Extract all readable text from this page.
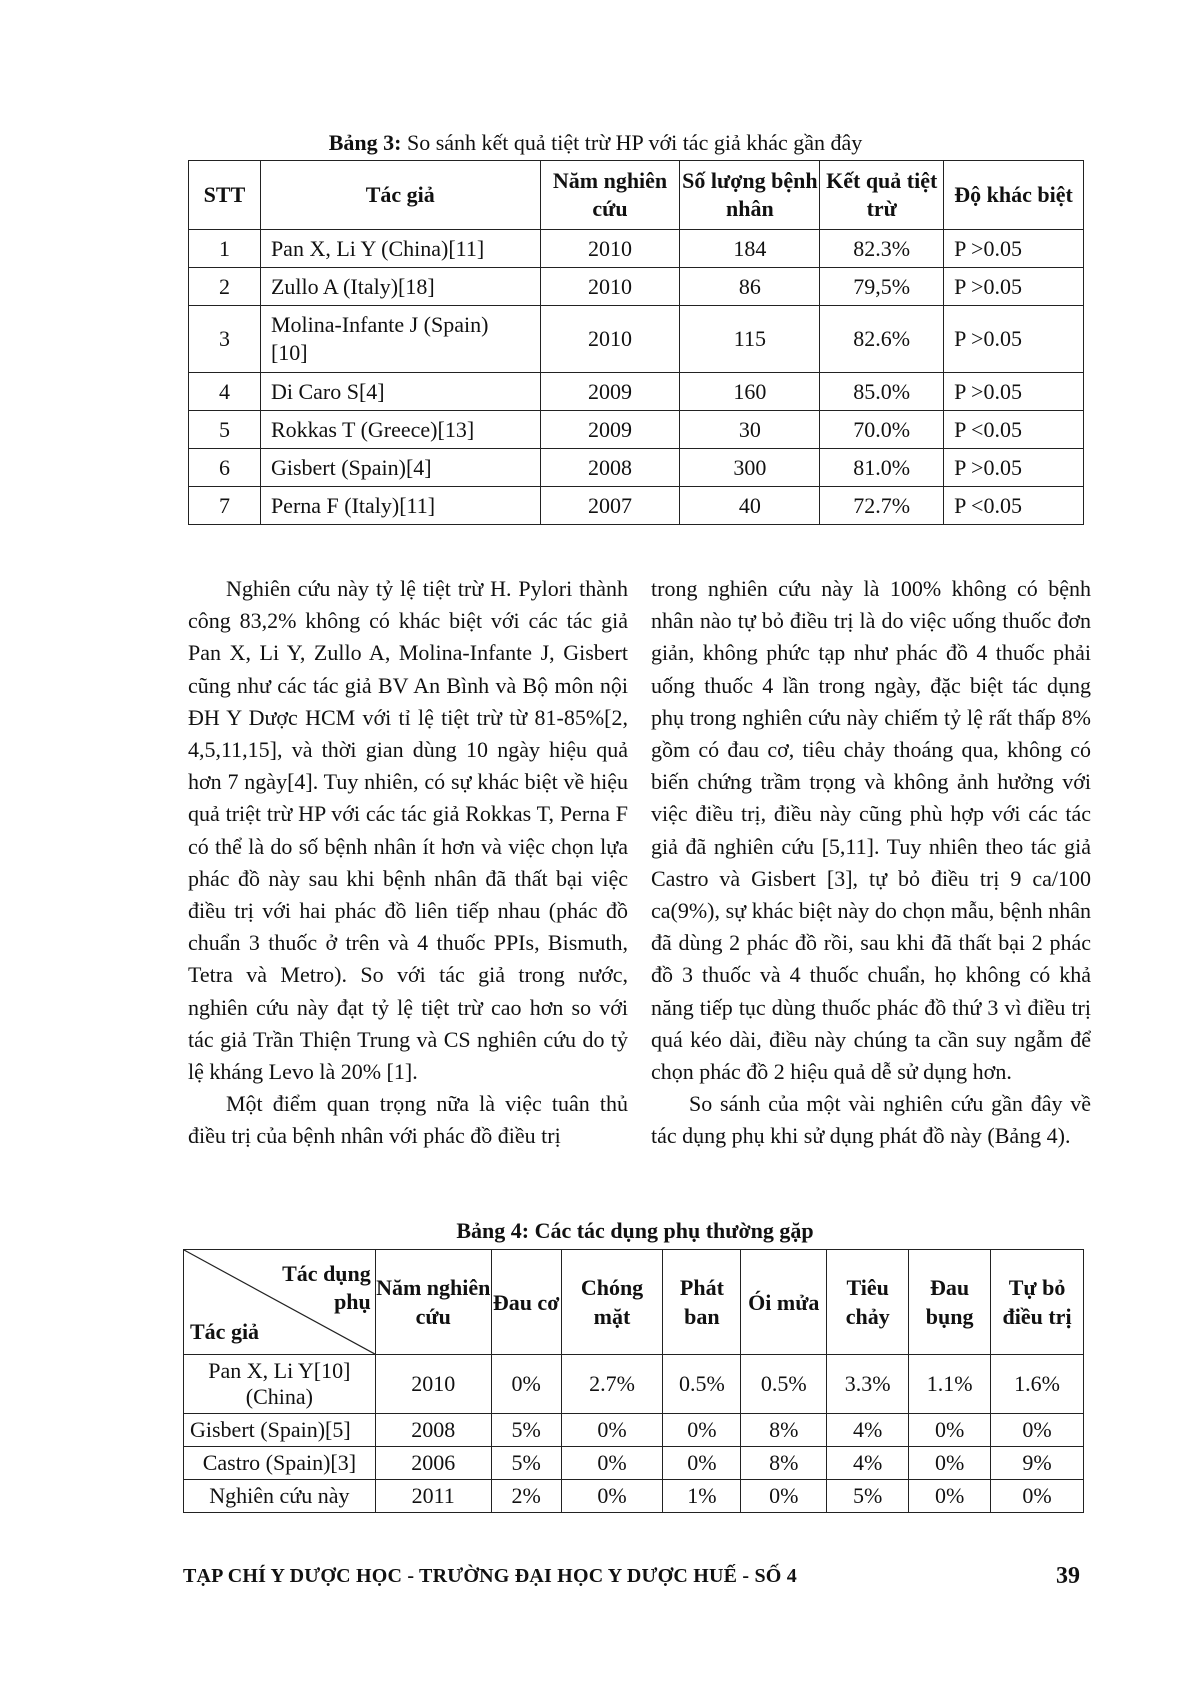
Bảng 3: So sánh kết quả tiệt trừ HP với tác giả khác gần đây
STT	Tác giả	Năm nghiên cứu	Số lượng bệnh nhân	Kết quả tiệt trừ	Độ khác biệt
1	Pan X, Li Y (China)[11]	2010	184	82.3%	P >0.05
2	Zullo A (Italy)[18]	2010	86	79,5%	P >0.05
3	Molina-Infante J (Spain) [10]	2010	115	82.6%	P >0.05
4	Di Caro S[4]	2009	160	85.0%	P >0.05
5	Rokkas T (Greece)[13]	2009	30	70.0%	P <0.05
6	Gisbert (Spain)[4]	2008	300	81.0%	P >0.05
7	Perna F (Italy)[11]	2007	40	72.7%	P <0.05

Nghiên cứu này tỷ lệ tiệt trừ H. Pylori thành công 83,2% không có khác biệt với các tác giả Pan X, Li Y, Zullo A, Molina-Infante J, Gisbert cũng như các tác giả BV An Bình và Bộ môn nội ĐH Y Dược HCM với tỉ lệ tiệt trừ từ 81-85%[2, 4,5,11,15], và thời gian dùng 10 ngày hiệu quả hơn 7 ngày[4]. Tuy nhiên, có sự khác biệt về hiệu quả triệt trừ HP với các tác giả Rokkas T, Perna F có thể là do số bệnh nhân ít hơn và việc chọn lựa phác đồ này sau khi bệnh nhân đã thất bại việc điều trị với hai phác đồ liên tiếp nhau (phác đồ chuẩn 3 thuốc ở trên và 4 thuốc PPIs, Bismuth, Tetra và Metro). So với tác giả trong nước, nghiên cứu này đạt tỷ lệ tiệt trừ cao hơn so với tác giả Trần Thiện Trung và CS nghiên cứu do tỷ lệ kháng Levo là 20% [1].

Một điểm quan trọng nữa là việc tuân thủ điều trị của bệnh nhân với phác đồ điều trị

trong nghiên cứu này là 100% không có bệnh nhân nào tự bỏ điều trị là do việc uống thuốc đơn giản, không phức tạp như phác đồ 4 thuốc phải uống thuốc 4 lần trong ngày, đặc biệt tác dụng phụ trong nghiên cứu này chiếm tỷ lệ rất thấp 8% gồm có đau cơ, tiêu chảy thoáng qua, không có biến chứng trầm trọng và không ảnh hưởng với việc điều trị, điều này cũng phù hợp với các tác giả đã nghiên cứu [5,11]. Tuy nhiên theo tác giả Castro và Gisbert [3], tự bỏ điều trị 9 ca/100 ca(9%), sự khác biệt này do chọn mẫu, bệnh nhân đã dùng 2 phác đồ rồi, sau khi đã thất bại 2 phác đồ 3 thuốc và 4 thuốc chuẩn, họ không có khả năng tiếp tục dùng thuốc phác đồ thứ 3 vì điều trị quá kéo dài, điều này chúng ta cần suy ngẫm để chọn phác đồ 2 hiệu quả dễ sử dụng hơn.

So sánh của một vài nghiên cứu gần đây về tác dụng phụ khi sử dụng phát đồ này (Bảng 4).

Bảng 4: Các tác dụng phụ thường gặp
Tác dụng phụ
Tác giả	Năm nghiên cứu	Đau cơ	Chóng mặt	Phát ban	Ói mửa	Tiêu chảy	Đau bụng	Tự bỏ điều trị
Pan X, Li Y[10] (China)	2010	0%	2.7%	0.5%	0.5%	3.3%	1.1%	1.6%
Gisbert (Spain)[5]	2008	5%	0%	0%	8%	4%	0%	0%
Castro (Spain)[3]	2006	5%	0%	0%	8%	4%	0%	9%
Nghiên cứu này	2011	2%	0%	1%	0%	5%	0%	0%
TẠP CHÍ Y DƯỢC HỌC - TRƯỜNG ĐẠI HỌC Y DƯỢC HUẾ - SỐ 4	39
